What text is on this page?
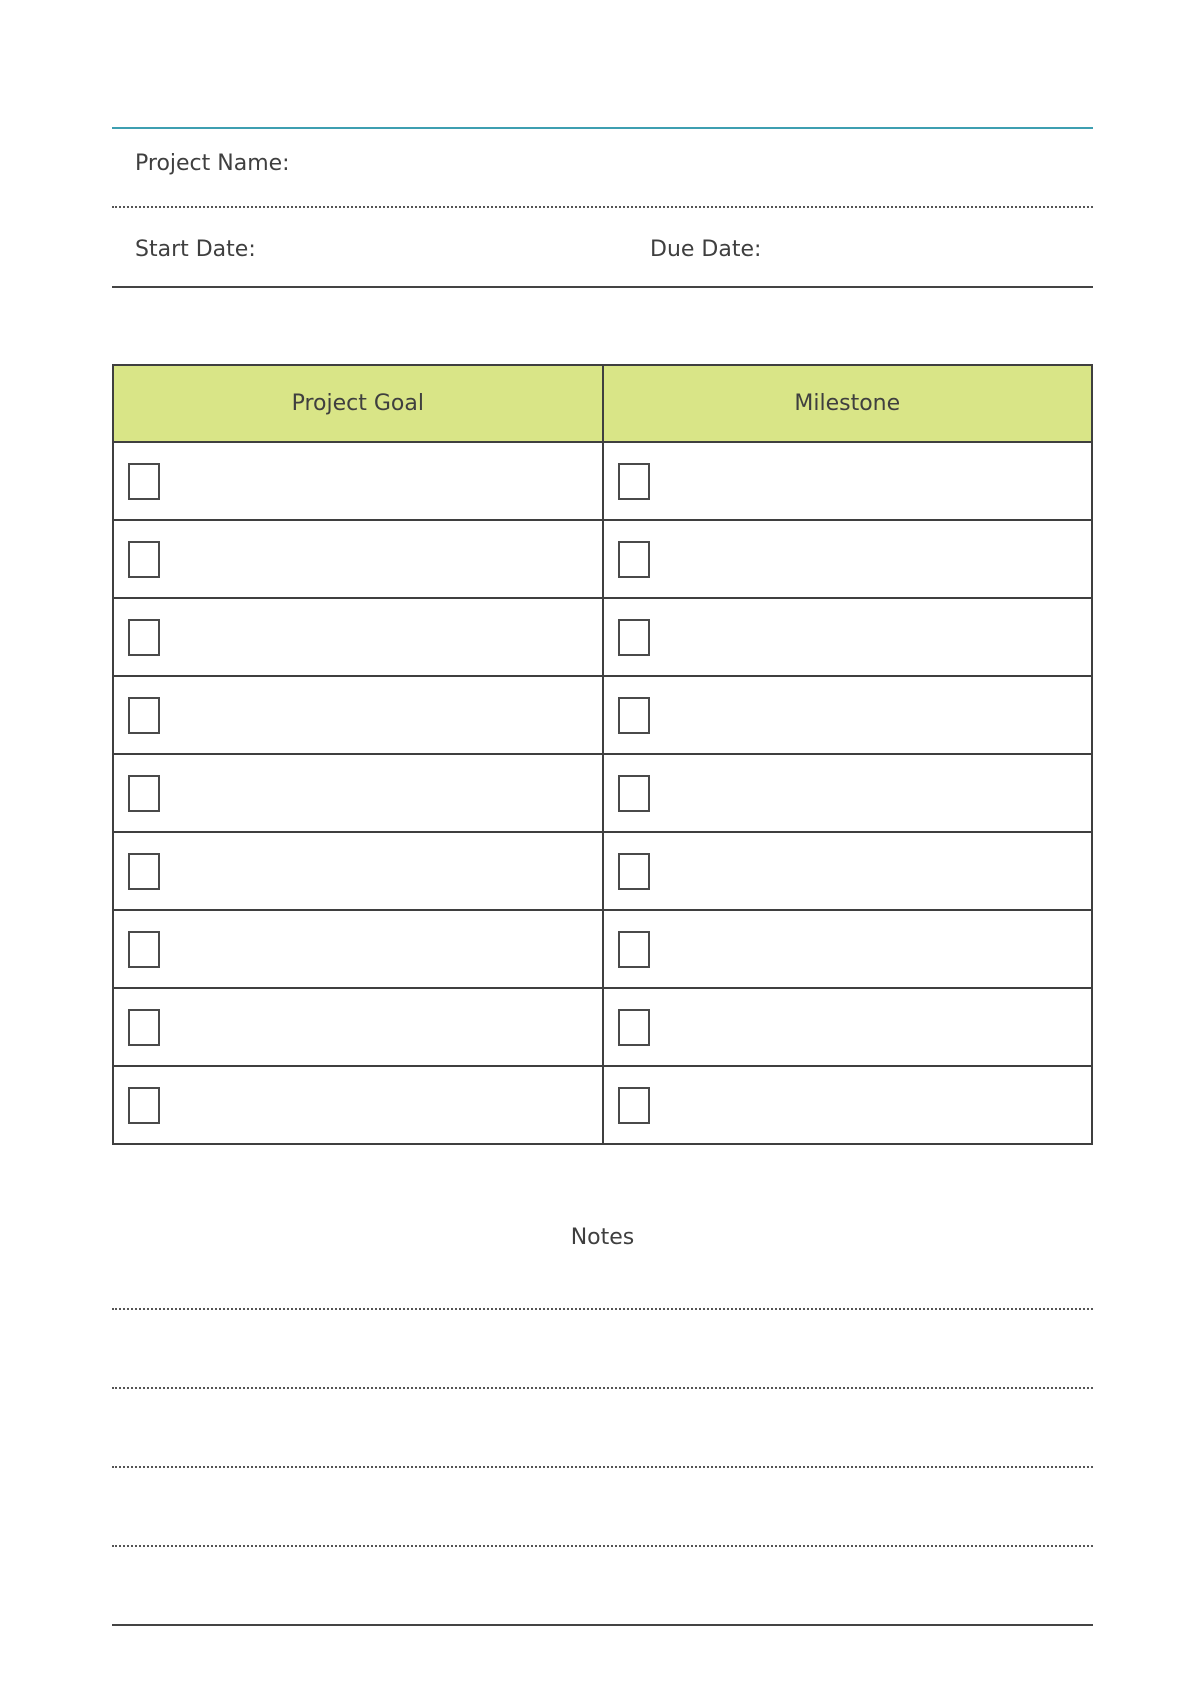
Project Name:
Start Date:	Due Date:
Project Goal	Milestone

Notes
